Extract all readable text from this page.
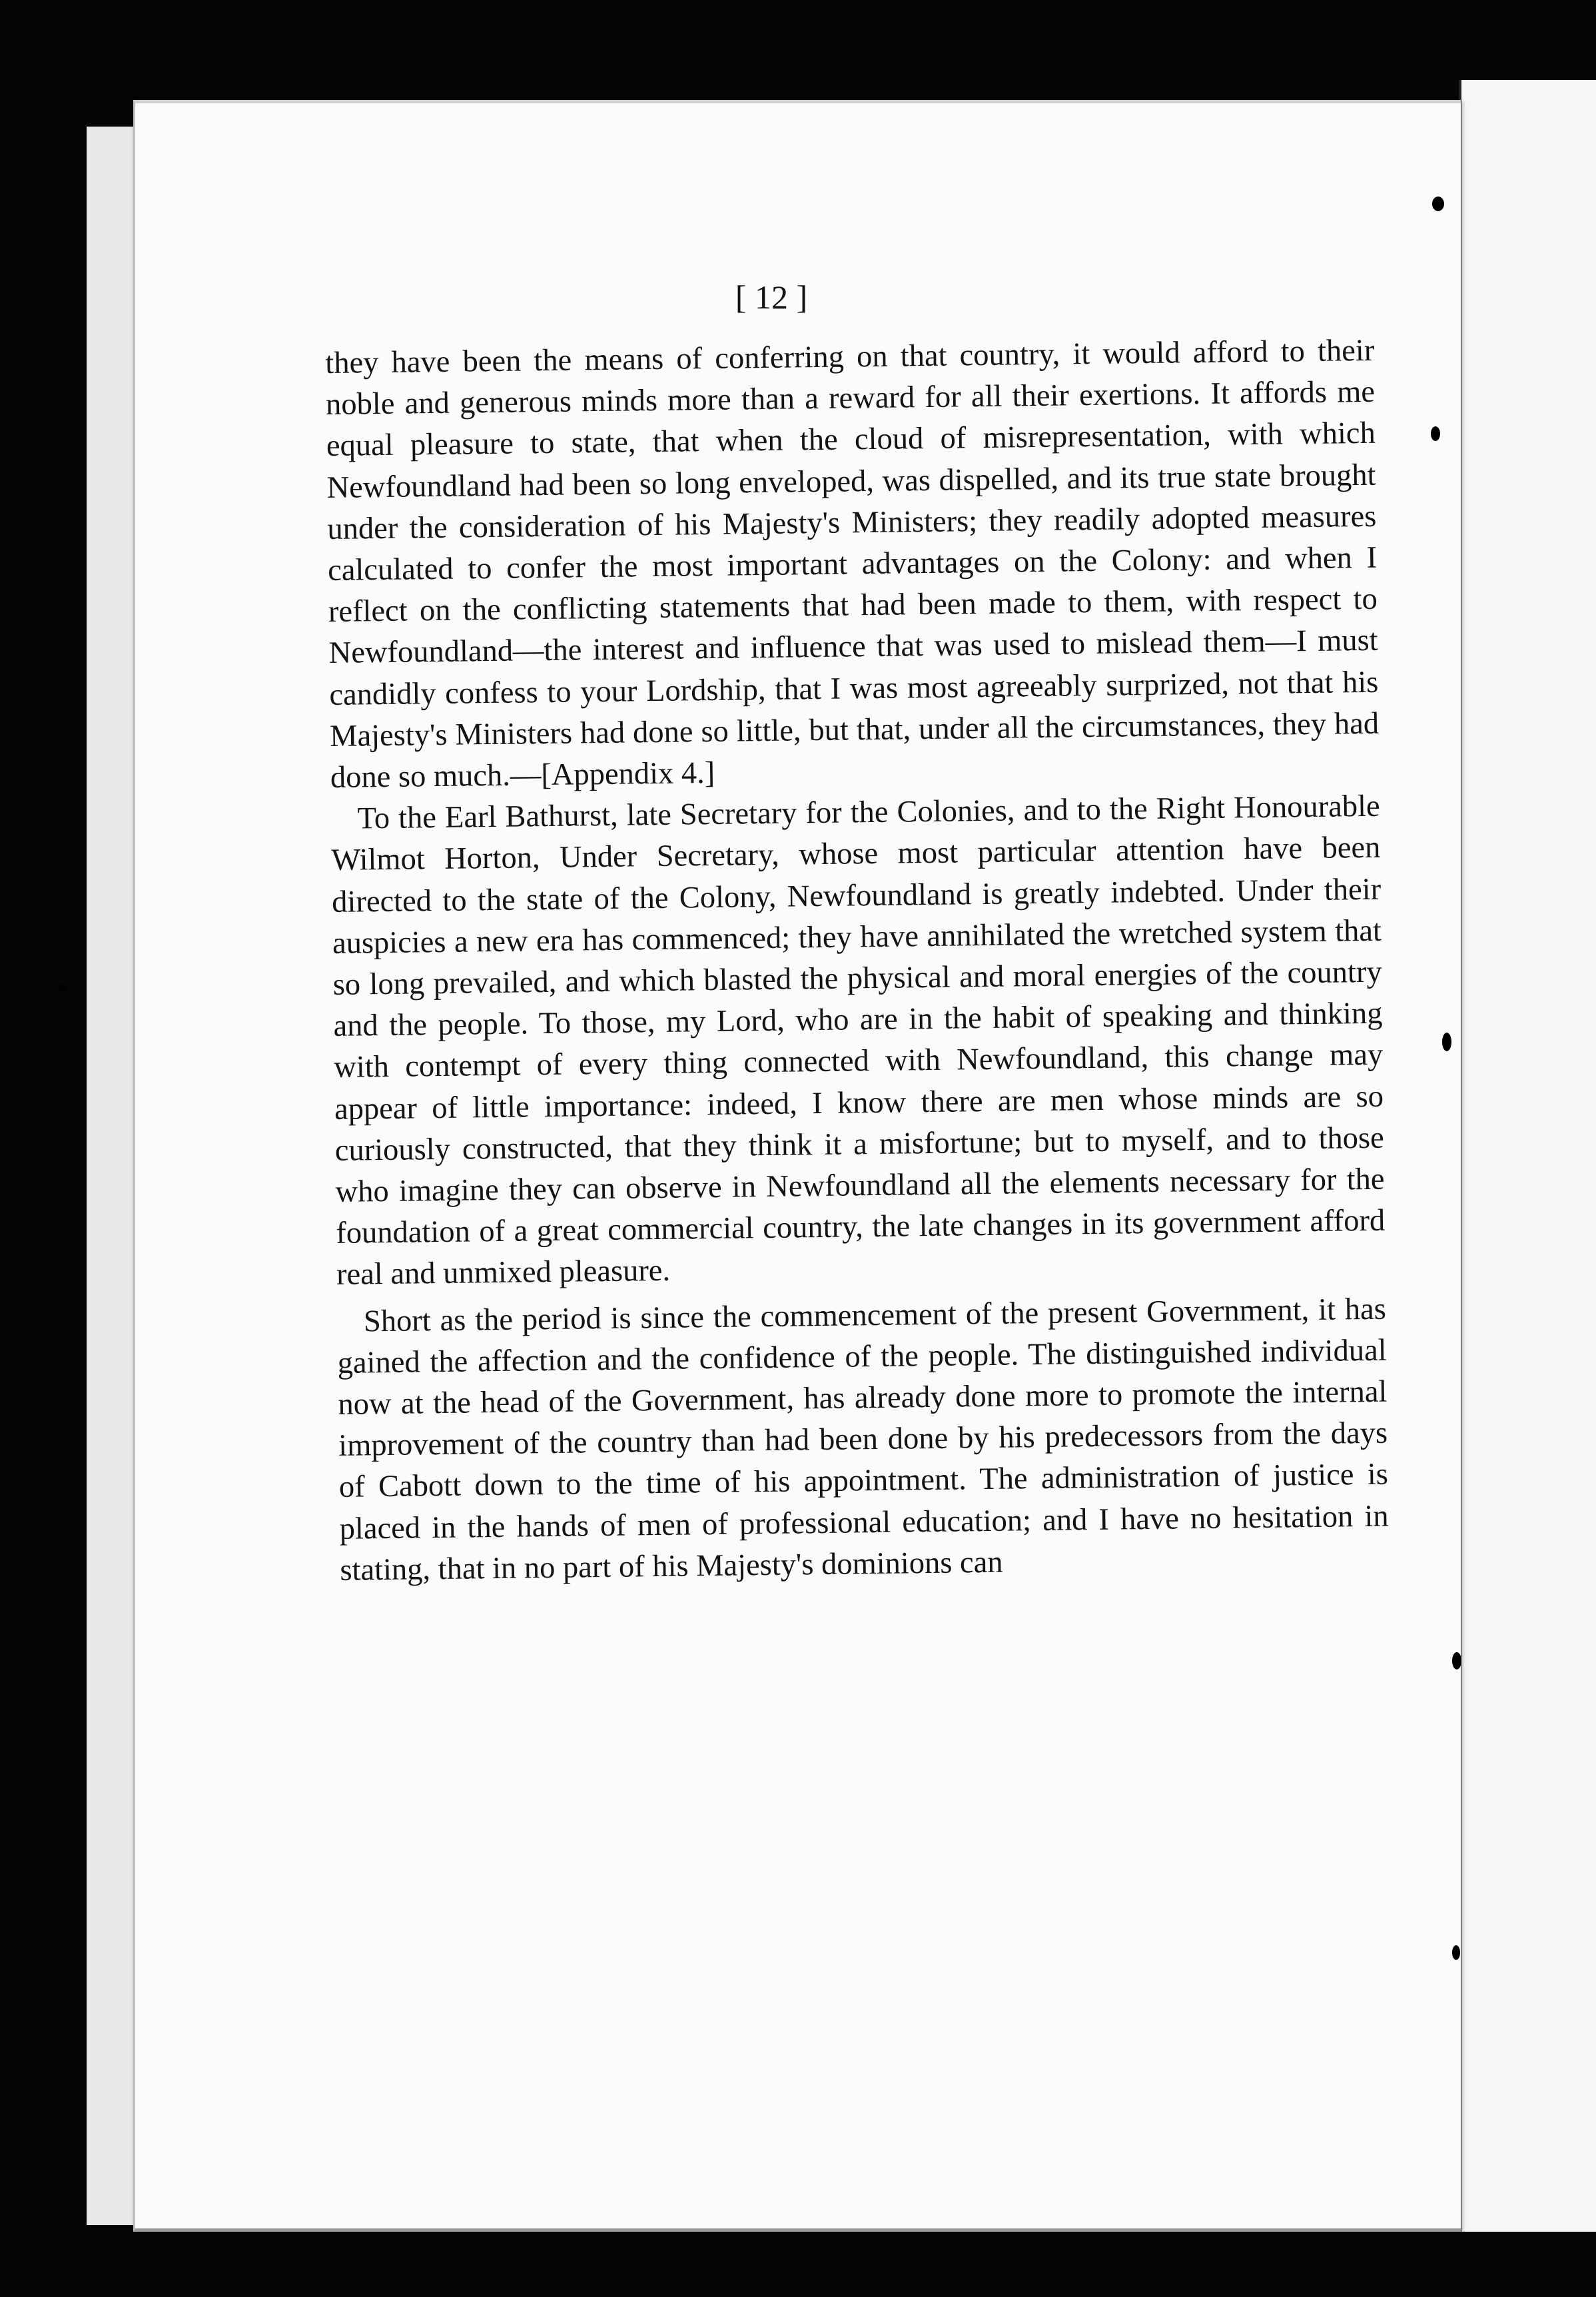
[ 12 ]

they have been the means of conferring on that country, it would afford to their noble and generous minds more than a reward for all their exertions. It affords me equal pleasure to state, that when the cloud of misrepresentation, with which Newfoundland had been so long enveloped, was dispelled, and its true state brought under the consideration of his Majesty's Ministers; they readily adopted measures calculated to confer the most important advantages on the Colony: and when I reflect on the conflicting statements that had been made to them, with respect to Newfoundland—the interest and influence that was used to mislead them—I must candidly confess to your Lordship, that I was most agreeably surprized, not that his Majesty's Ministers had done so little, but that, under all the circumstances, they had done so much.—[Appendix 4.]

To the Earl Bathurst, late Secretary for the Colonies, and to the Right Honourable Wilmot Horton, Under Secretary, whose most particular attention have been directed to the state of the Colony, Newfoundland is greatly indebted. Under their auspicies a new era has commenced; they have annihilated the wretched system that so long prevailed, and which blasted the physical and moral energies of the country and the people. To those, my Lord, who are in the habit of speaking and thinking with contempt of every thing connected with Newfoundland, this change may appear of little importance: indeed, I know there are men whose minds are so curiously constructed, that they think it a misfortune; but to myself, and to those who imagine they can observe in Newfoundland all the elements necessary for the foundation of a great commercial country, the late changes in its government afford real and unmixed pleasure.

Short as the period is since the commencement of the present Government, it has gained the affection and the confidence of the people. The distinguished individual now at the head of the Government, has already done more to promote the internal improvement of the country than had been done by his predecessors from the days of Cabott down to the time of his appointment. The administration of justice is placed in the hands of men of professional education; and I have no hesitation in stating, that in no part of his Majesty's dominions can
